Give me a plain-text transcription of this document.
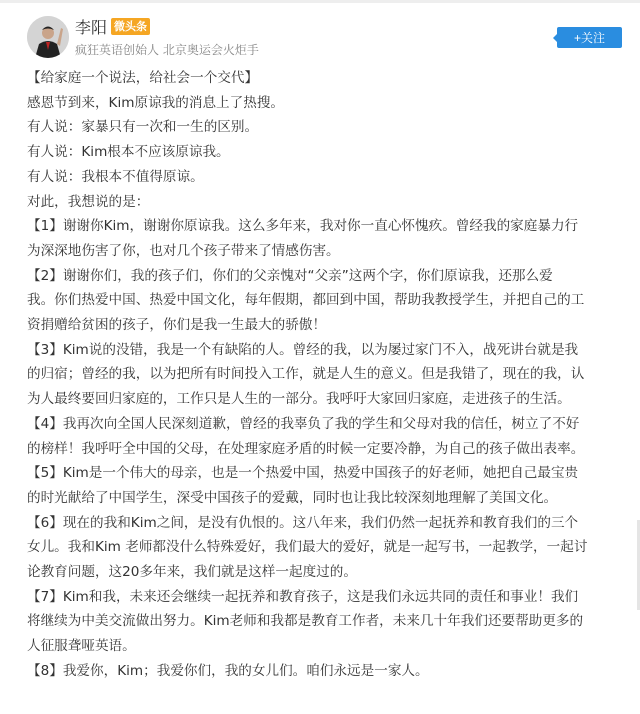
李阳 微头条
疯狂英语创始人 北京奥运会火炬手
+关注
【给家庭一个说法，给社会一个交代】
感恩节到来，Kim原谅我的消息上了热搜。
有人说：家暴只有一次和一生的区别。
有人说：Kim根本不应该原谅我。
有人说：我根本不值得原谅。
对此，我想说的是：
【1】谢谢你Kim，谢谢你原谅我。这么多年来，我对你一直心怀愧疚。曾经我的家庭暴力行
为深深地伤害了你，也对几个孩子带来了情感伤害。
【2】谢谢你们，我的孩子们，你们的父亲愧对“父亲”这两个字，你们原谅我，还那么爱
我。你们热爱中国、热爱中国文化，每年假期，都回到中国，帮助我教授学生，并把自己的工
资捐赠给贫困的孩子，你们是我一生最大的骄傲！
【3】Kim说的没错，我是一个有缺陷的人。曾经的我，以为屡过家门不入，战死讲台就是我
的归宿；曾经的我，以为把所有时间投入工作，就是人生的意义。但是我错了，现在的我，认
为人最终要回归家庭的，工作只是人生的一部分。我呼吁大家回归家庭，走进孩子的生活。
【4】我再次向全国人民深刻道歉，曾经的我辜负了我的学生和父母对我的信任，树立了不好
的榜样！我呼吁全中国的父母，在处理家庭矛盾的时候一定要冷静，为自己的孩子做出表率。
【5】Kim是一个伟大的母亲，也是一个热爱中国，热爱中国孩子的好老师，她把自己最宝贵
的时光献给了中国学生，深受中国孩子的爱戴，同时也让我比较深刻地理解了美国文化。
【6】现在的我和Kim之间，是没有仇恨的。这八年来，我们仍然一起抚养和教育我们的三个
女儿。我和Kim 老师都没什么特殊爱好，我们最大的爱好，就是一起写书，一起教学，一起讨
论教育问题，这20多年来，我们就是这样一起度过的。
【7】Kim和我，未来还会继续一起抚养和教育孩子，这是我们永远共同的责任和事业！我们
将继续为中美交流做出努力。Kim老师和我都是教育工作者，未来几十年我们还要帮助更多的
人征服聋哑英语。
【8】我爱你，Kim；我爱你们，我的女儿们。咱们永远是一家人。
